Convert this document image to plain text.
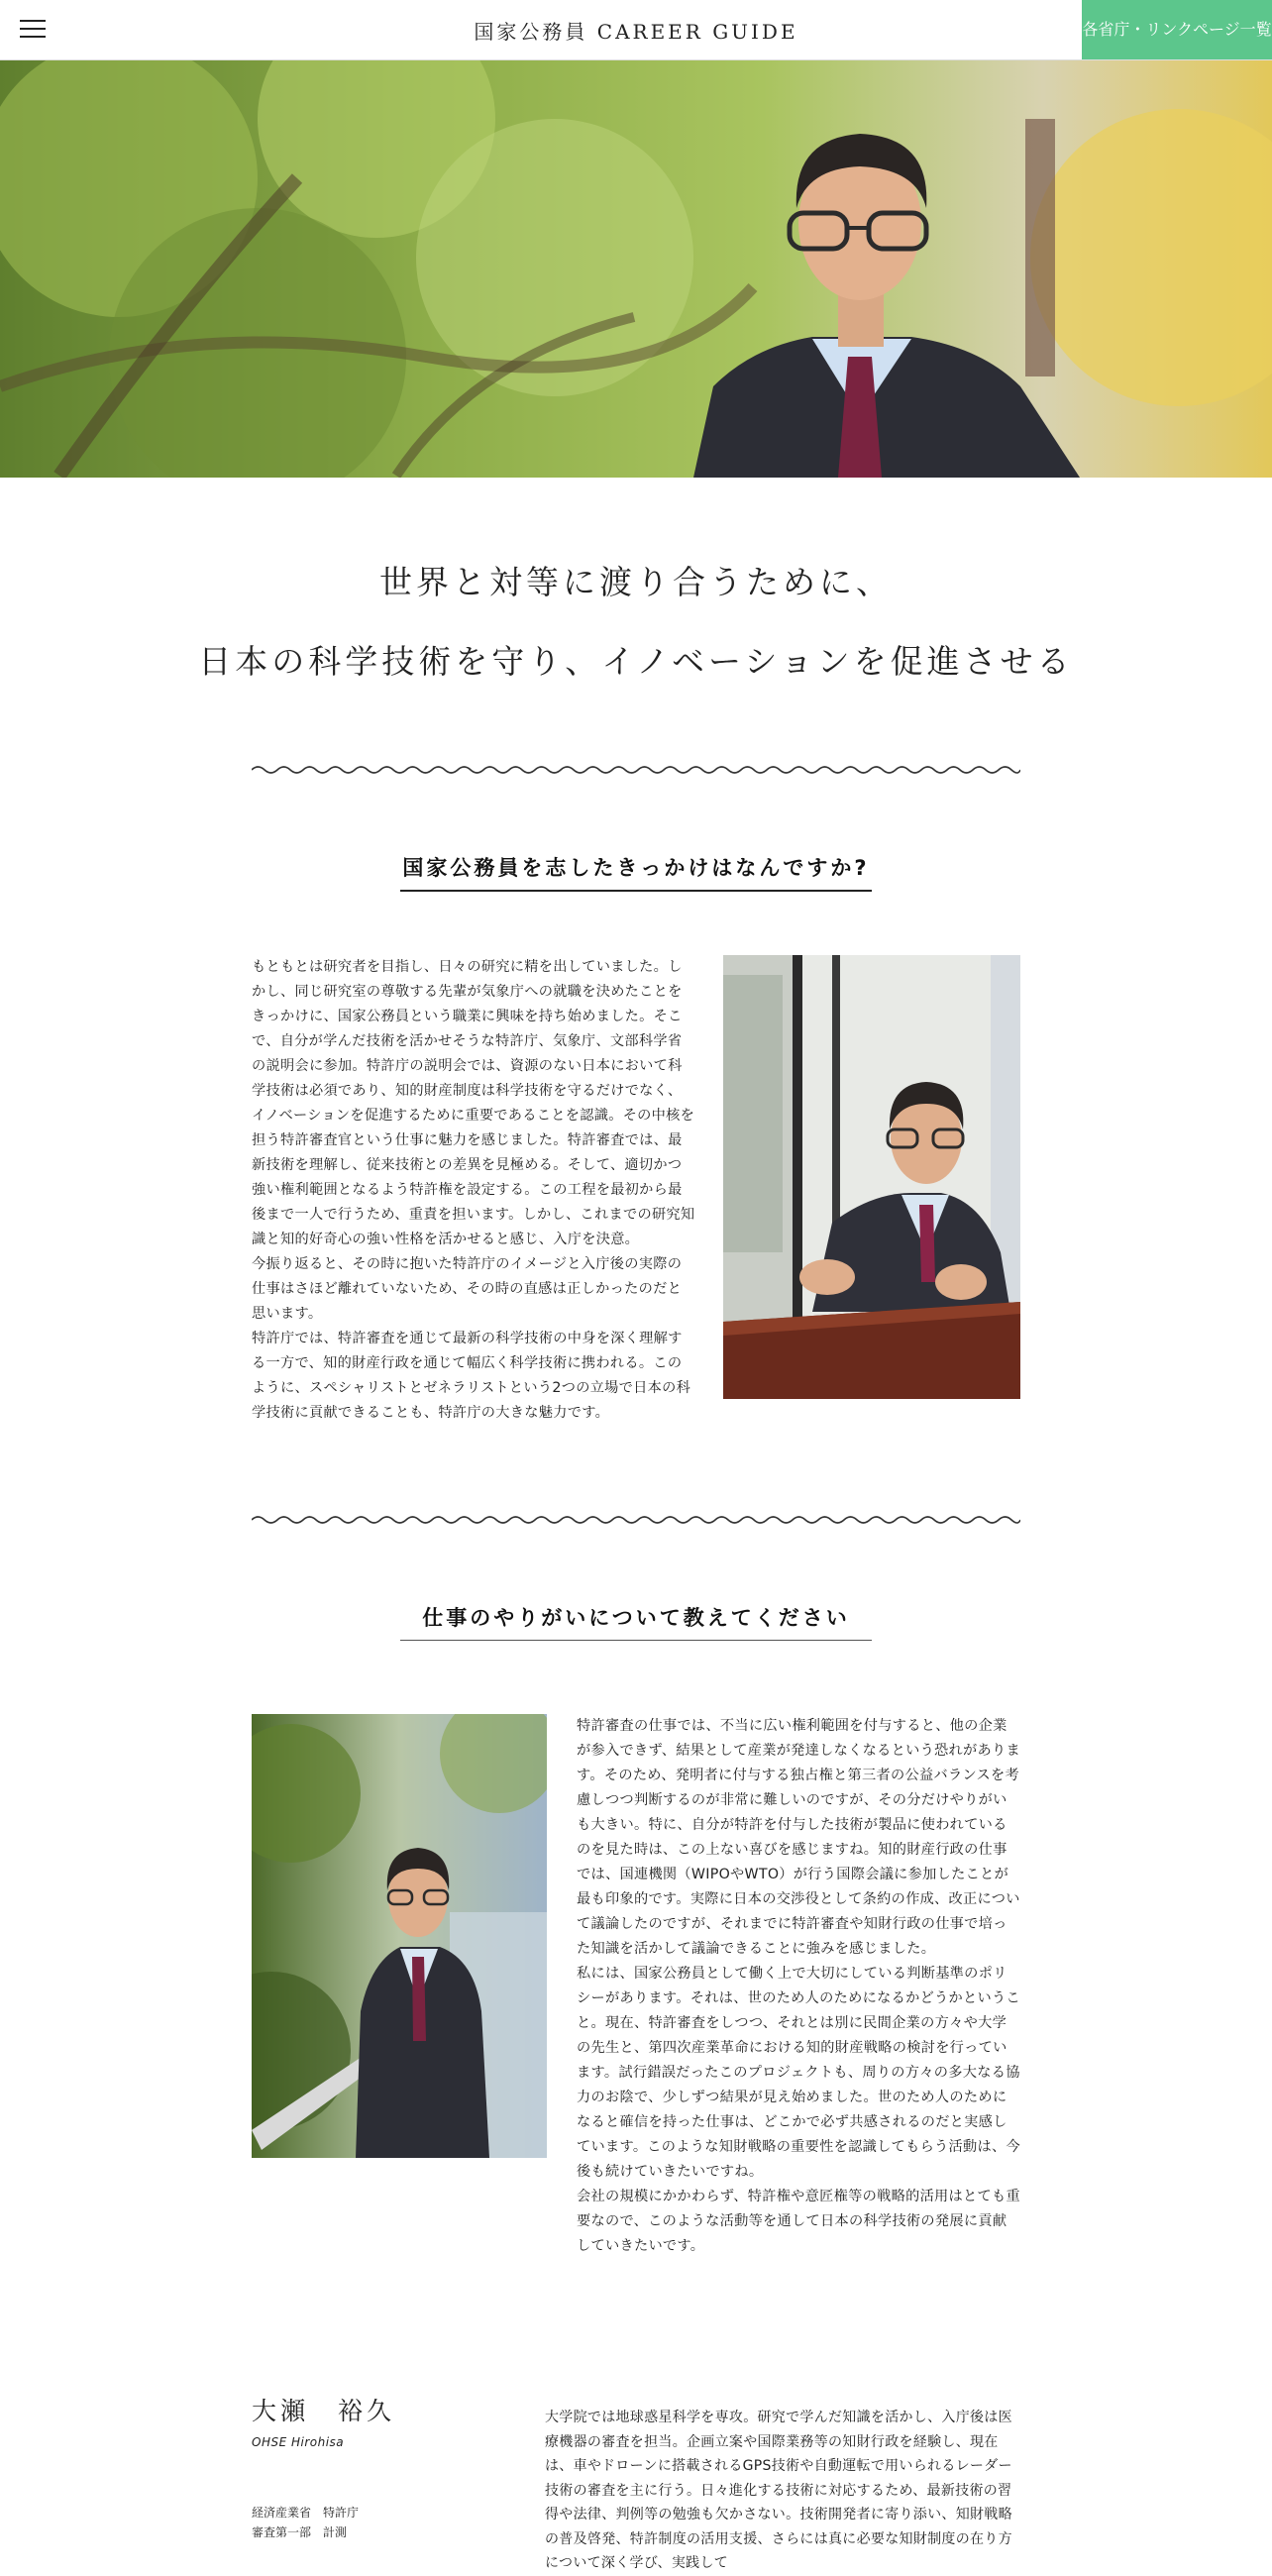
国家公務員 CAREER GUIDE	各省庁・リンクページ一覧
世界と対等に渡り合うために、
日本の科学技術を守り、イノベーションを促進させる
国家公務員を志したきっかけはなんですか?

もともとは研究者を目指し、日々の研究に精を出していました。しかし、同じ研究室の尊敬する先輩が気象庁への就職を決めたことをきっかけに、国家公務員という職業に興味を持ち始めました。そこで、自分が学んだ技術を活かせそうな特許庁、気象庁、文部科学省の説明会に参加。特許庁の説明会では、資源のない日本において科学技術は必須であり、知的財産制度は科学技術を守るだけでなく、イノベーションを促進するために重要であることを認識。その中核を担う特許審査官という仕事に魅力を感じました。特許審査では、最新技術を理解し、従来技術との差異を見極める。そして、適切かつ強い権利範囲となるよう特許権を設定する。この工程を最初から最後まで一人で行うため、重責を担います。しかし、これまでの研究知識と知的好奇心の強い性格を活かせると感じ、入庁を決意。

今振り返ると、その時に抱いた特許庁のイメージと入庁後の実際の仕事はさほど離れていないため、その時の直感は正しかったのだと思います。

特許庁では、特許審査を通じて最新の科学技術の中身を深く理解する一方で、知的財産行政を通じて幅広く科学技術に携われる。このように、スペシャリストとゼネラリストという2つの立場で日本の科学技術に貢献できることも、特許庁の大きな魅力です。

仕事のやりがいについて教えてください

特許審査の仕事では、不当に広い権利範囲を付与すると、他の企業が参入できず、結果として産業が発達しなくなるという恐れがあります。そのため、発明者に付与する独占権と第三者の公益バランスを考慮しつつ判断するのが非常に難しいのですが、その分だけやりがいも大きい。特に、自分が特許を付与した技術が製品に使われているのを見た時は、この上ない喜びを感じますね。知的財産行政の仕事では、国連機関（WIPOやWTO）が行う国際会議に参加したことが最も印象的です。実際に日本の交渉役として条約の作成、改正について議論したのですが、それまでに特許審査や知財行政の仕事で培った知識を活かして議論できることに強みを感じました。

私には、国家公務員として働く上で大切にしている判断基準のポリシーがあります。それは、世のため人のためになるかどうかということ。現在、特許審査をしつつ、それとは別に民間企業の方々や大学の先生と、第四次産業革命における知的財産戦略の検討を行っています。試行錯誤だったこのプロジェクトも、周りの方々の多大なる協力のお陰で、少しずつ結果が見え始めました。世のため人のためになると確信を持った仕事は、どこかで必ず共感されるのだと実感しています。このような知財戦略の重要性を認識してもらう活動は、今後も続けていきたいですね。

会社の規模にかかわらず、特許権や意匠権等の戦略的活用はとても重要なので、このような活動等を通して日本の科学技術の発展に貢献していきたいです。

大瀬　裕久
OHSE Hirohisa
経済産業省　特許庁
審査第一部　計測
大学院では地球惑星科学を専攻。研究で学んだ知識を活かし、入庁後は医療機器の審査を担当。企画立案や国際業務等の知財行政を経験し、現在は、車やドローンに搭載されるGPS技術や自動運転で用いられるレーダー技術の審査を主に行う。日々進化する技術に対応するため、最新技術の習得や法律、判例等の勉強も欠かさない。技術開発者に寄り添い、知財戦略の普及啓発、特許制度の活用支援、さらには真に必要な知財制度の在り方について深く学び、実践して
